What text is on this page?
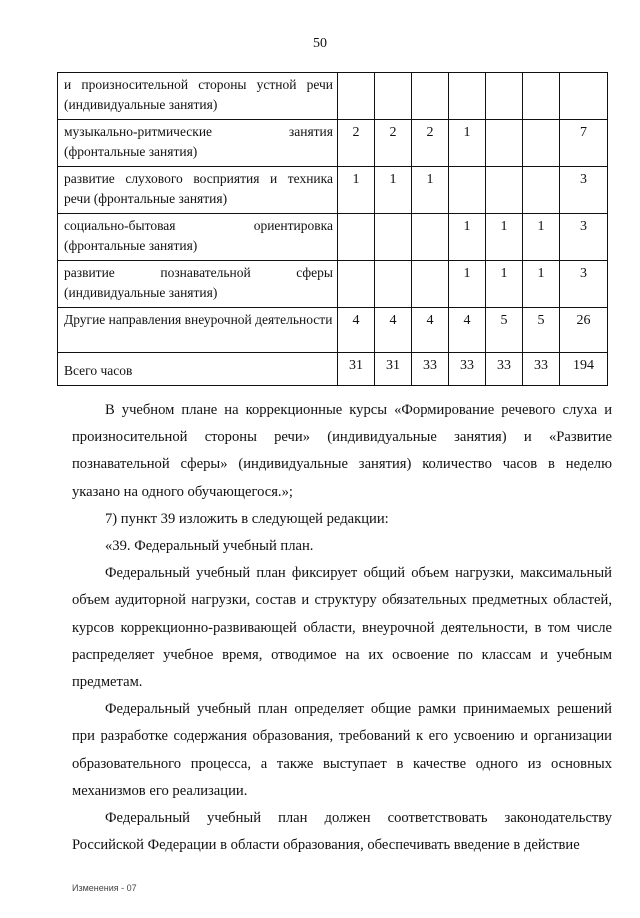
50
и произносительной стороны устной речи (индивидуальные занятия)							
музыкально-ритмические занятия (фронтальные занятия)	2	2	2	1			7
развитие слухового восприятия и техника речи (фронтальные занятия)	1	1	1				3
социально-бытовая ориентировка (фронтальные занятия)				1	1	1	3
развитие познавательной сферы (индивидуальные занятия)				1	1	1	3
Другие направления внеурочной деятельности	4	4	4	4	5	5	26
Всего часов	31	31	33	33	33	33	194

В учебном плане на коррекционные курсы «Формирование речевого слуха и произносительной стороны речи» (индивидуальные занятия) и «Развитие познавательной сферы» (индивидуальные занятия) количество часов в неделю указано на одного обучающегося.»;

7) пункт 39 изложить в следующей редакции:

«39. Федеральный учебный план.

Федеральный учебный план фиксирует общий объем нагрузки, максимальный объем аудиторной нагрузки, состав и структуру обязательных предметных областей, курсов коррекционно-развивающей области, внеурочной деятельности, в том числе распределяет учебное время, отводимое на их освоение по классам и учебным предметам.

Федеральный учебный план определяет общие рамки принимаемых решений при разработке содержания образования, требований к его усвоению и организации образовательного процесса, а также выступает в качестве одного из основных механизмов его реализации.

Федеральный учебный план должен соответствовать законодательству Российской Федерации в области образования, обеспечивать введение в действие

Изменения - 07
